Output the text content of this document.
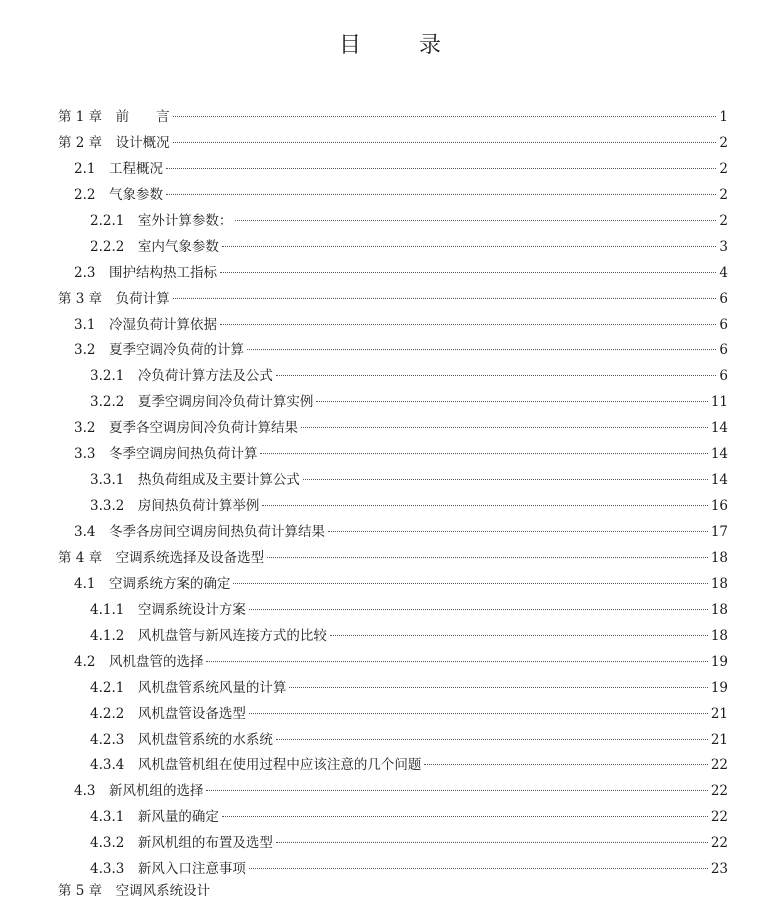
目　录
第 1 章　前　　言	1
第 2 章　设计概况	2
2.1　工程概况	2
2.2　气象参数	2
2.2.1　室外计算参数：	2
2.2.2　室内气象参数	3
2.3　围护结构热工指标	4
第 3 章　负荷计算	6
3.1　冷湿负荷计算依据	6
3.2　夏季空调冷负荷的计算	6
3.2.1　冷负荷计算方法及公式	6
3.2.2　夏季空调房间冷负荷计算实例	11
3.2　夏季各空调房间冷负荷计算结果	14
3.3　冬季空调房间热负荷计算	14
3.3.1　热负荷组成及主要计算公式	14
3.3.2　房间热负荷计算举例	16
3.4　冬季各房间空调房间热负荷计算结果	17
第 4 章　空调系统选择及设备选型	18
4.1　空调系统方案的确定	18
4.1.1　空调系统设计方案	18
4.1.2　风机盘管与新风连接方式的比较	18
4.2　风机盘管的选择	19
4.2.1　风机盘管系统风量的计算	19
4.2.2　风机盘管设备选型	21
4.2.3　风机盘管系统的水系统	21
4.3.4　风机盘管机组在使用过程中应该注意的几个问题	22
4.3　新风机组的选择	22
4.3.1　新风量的确定	22
4.3.2　新风机组的布置及选型	22
4.3.3　新风入口注意事项	23
第 5 章　空调风系统设计
